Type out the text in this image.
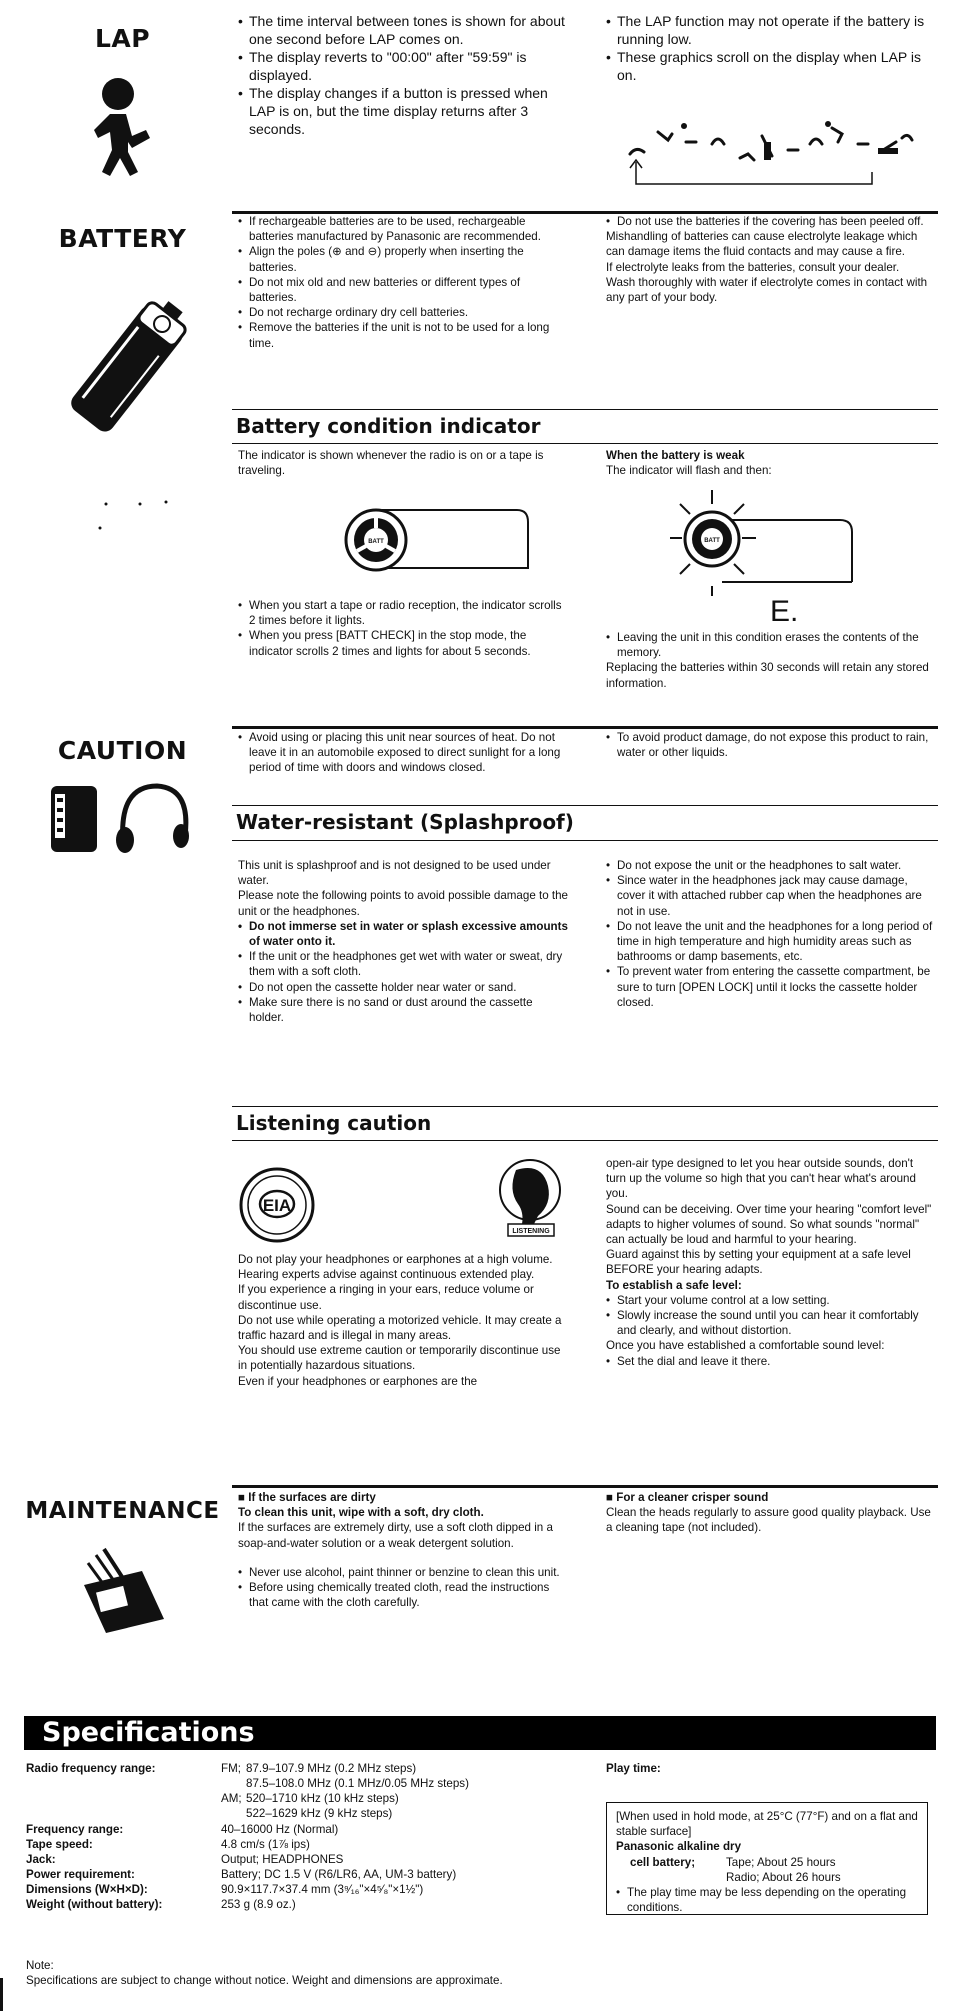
LAP
• The time interval between tones is shown for about one second before LAP comes on.
• The display reverts to "00:00" after "59:59" is displayed.
• The display changes if a button is pressed when LAP is on, but the time display returns after 3 seconds.
• The LAP function may not operate if the battery is running low.
• These graphics scroll on the display when LAP is on.
BATTERY
• If rechargeable batteries are to be used, rechargeable batteries manufactured by Panasonic are recommended.
• Align the poles (⊕ and ⊖) properly when inserting the batteries.
• Do not mix old and new batteries or different types of batteries.
• Do not recharge ordinary dry cell batteries.
• Remove the batteries if the unit is not to be used for a long time.
• Do not use the batteries if the covering has been peeled off.

Mishandling of batteries can cause electrolyte leakage which can damage items the fluid contacts and may cause a fire.

If electrolyte leaks from the batteries, consult your dealer.

Wash thoroughly with water if electrolyte comes in contact with any part of your body.

Battery condition indicator

The indicator is shown whenever the radio is on or a tape is traveling.

BATT
• When you start a tape or radio reception, the indicator scrolls 2 times before it lights.
• When you press [BATT CHECK] in the stop mode, the indicator scrolls 2 times and lights for about 5 seconds.

When the battery is weak

The indicator will flash and then:

BATT
E.
• Leaving the unit in this condition erases the contents of the memory.

Replacing the batteries within 30 seconds will retain any stored information.

CAUTION
•	Avoid using or placing this unit near sources of heat. Do not leave it in an automobile exposed to direct sunlight for a long period of time with doors and windows closed.
• To avoid product damage, do not expose this product to rain, water or other liquids.
Water-resistant (Splashproof)

This unit is splashproof and is not designed to be used under water.

Please note the following points to avoid possible damage to the unit or the headphones.

• Do not immerse set in water or splash excessive amounts of water onto it.
• If the unit or the headphones get wet with water or sweat, dry them with a soft cloth.
• Do not open the cassette holder near water or sand.
• Make sure there is no sand or dust around the cassette holder.
• Do not expose the unit or the headphones to salt water.
• Since water in the headphones jack may cause damage, cover it with attached rubber cap when the headphones are not in use.
• Do not leave the unit and the headphones for a long period of time in high temperature and high humidity areas such as bathrooms or damp basements, etc.
• To prevent water from entering the cassette compartment, be sure to turn [OPEN LOCK] until it locks the cassette holder closed.
Listening caution
EIA
LISTENING

Do not play your headphones or earphones at a high volume. Hearing experts advise against continuous extended play.

If you experience a ringing in your ears, reduce volume or discontinue use.

Do not use while operating a motorized vehicle. It may create a traffic hazard and is illegal in many areas.

You should use extreme caution or temporarily discontinue use in potentially hazardous situations.

Even if your headphones or earphones are the

open-air type designed to let you hear outside sounds, don't turn up the volume so high that you can't hear what's around you.

Sound can be deceiving. Over time your hearing "comfort level" adapts to higher volumes of sound. So what sounds "normal" can actually be loud and harmful to your hearing.

Guard against this by setting your equipment at a safe level BEFORE your hearing adapts.

To establish a safe level:

• Start your volume control at a low setting.
• Slowly increase the sound until you can hear it comfortably and clearly, and without distortion.

Once you have established a comfortable sound level:

• Set the dial and leave it there.
MAINTENANCE

■ If the surfaces are dirty

To clean this unit, wipe with a soft, dry cloth.

If the surfaces are extremely dirty, use a soft cloth dipped in a soap-and-water solution or a weak detergent solution.

• Never use alcohol, paint thinner or benzine to clean this unit.
• Before using chemically treated cloth, read the instructions that came with the cloth carefully.

■ For a cleaner crisper sound

Clean the heads regularly to assure good quality playback. Use a cleaning tape (not included).

Specifications
Radio frequency range:	FM; 87.9–107.9 MHz (0.2 MHz steps)
87.5–108.0 MHz (0.1 MHz/0.05 MHz steps)
AM; 520–1710 kHz (10 kHz steps)
522–1629 kHz (9 kHz steps)
Frequency range:	40–16000 Hz (Normal)
Tape speed:	4.8 cm/s (1⅞ ips)
Jack:	Output; HEADPHONES
Power requirement:	Battery; DC 1.5 V (R6/LR6, AA, UM-3 battery)
Dimensions (W×H×D):	90.9×117.7×37.4 mm (3⁹⁄₁₆"×4⁵⁄₈"×1½")
Weight (without battery):	253 g (8.9 oz.)
Play time:

[When used in hold mode, at 25°C (77°F) and on a flat and stable surface]

Panasonic alkaline dry

cell battery;	Tape; About 25 hours
Radio; About 26 hours
• The play time may be less depending on the operating conditions.

Note:

Specifications are subject to change without notice. Weight and dimensions are approximate.
